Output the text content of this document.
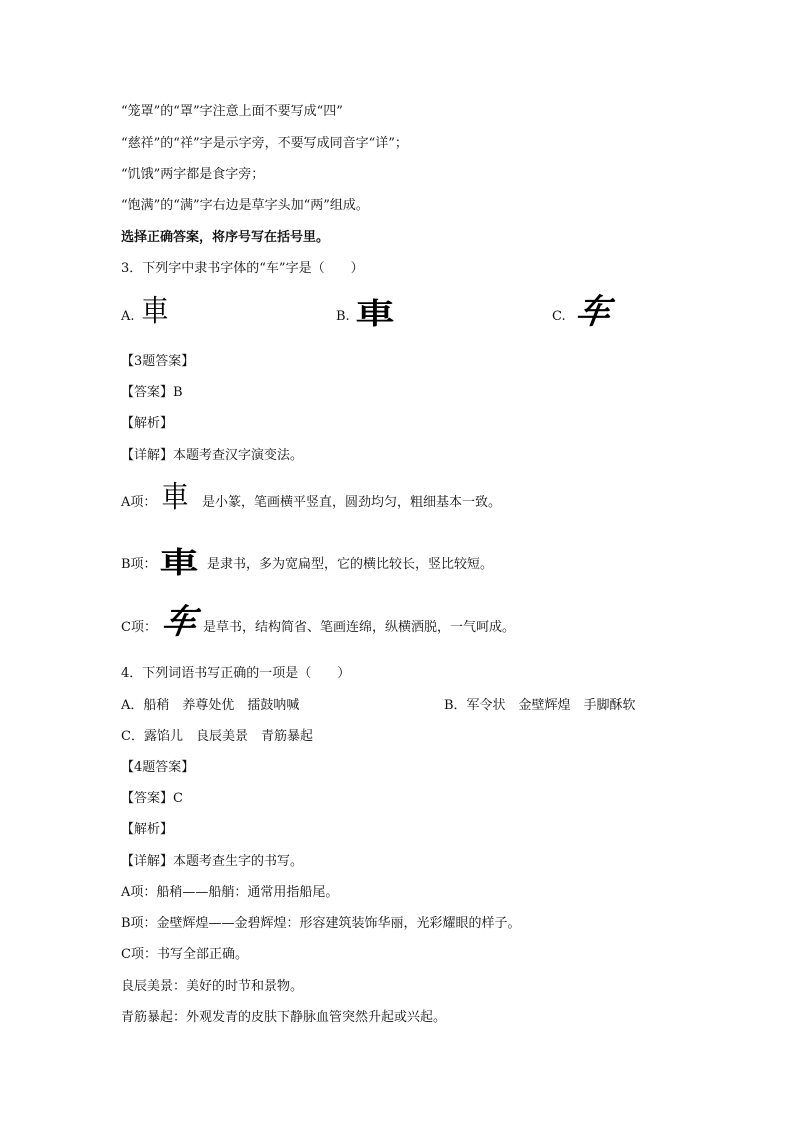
“笼罩”的“罩”字注意上面不要写成“四”

“慈祥”的“祥”字是示字旁，不要写成同音字“详”；

“饥饿”两字都是食字旁；

“饱满”的“满”字右边是草字头加“两”组成。

选择正确答案，将序号写在括号里。

3．下列字中隶书字体的“车”字是（　　）

A. 車	B. 車	C. 车

【3题答案】

【答案】B

【解析】

【详解】本题考查汉字演变法。

A项： 車 是小篆，笔画横平竖直，圆劲均匀，粗细基本一致。
B项： 車 是隶书，多为宽扁型，它的横比较长，竖比较短。
C项： 车 是草书，结构简省、笔画连绵，纵横洒脱，一气呵成。

4．下列词语书写正确的一项是（　　）

A．船稍　养尊处优　擂鼓呐喊	B．军令状　金壁辉煌　手脚酥软

C．露馅儿　良辰美景　青筋暴起

【4题答案】

【答案】C

【解析】

【详解】本题考查生字的书写。

A项：船稍——船艄：通常用指船尾。

B项：金壁辉煌——金碧辉煌：形容建筑装饰华丽，光彩耀眼的样子。

C项：书写全部正确。

良辰美景：美好的时节和景物。

青筋暴起：外观发青的皮肤下静脉血管突然升起或兴起。
